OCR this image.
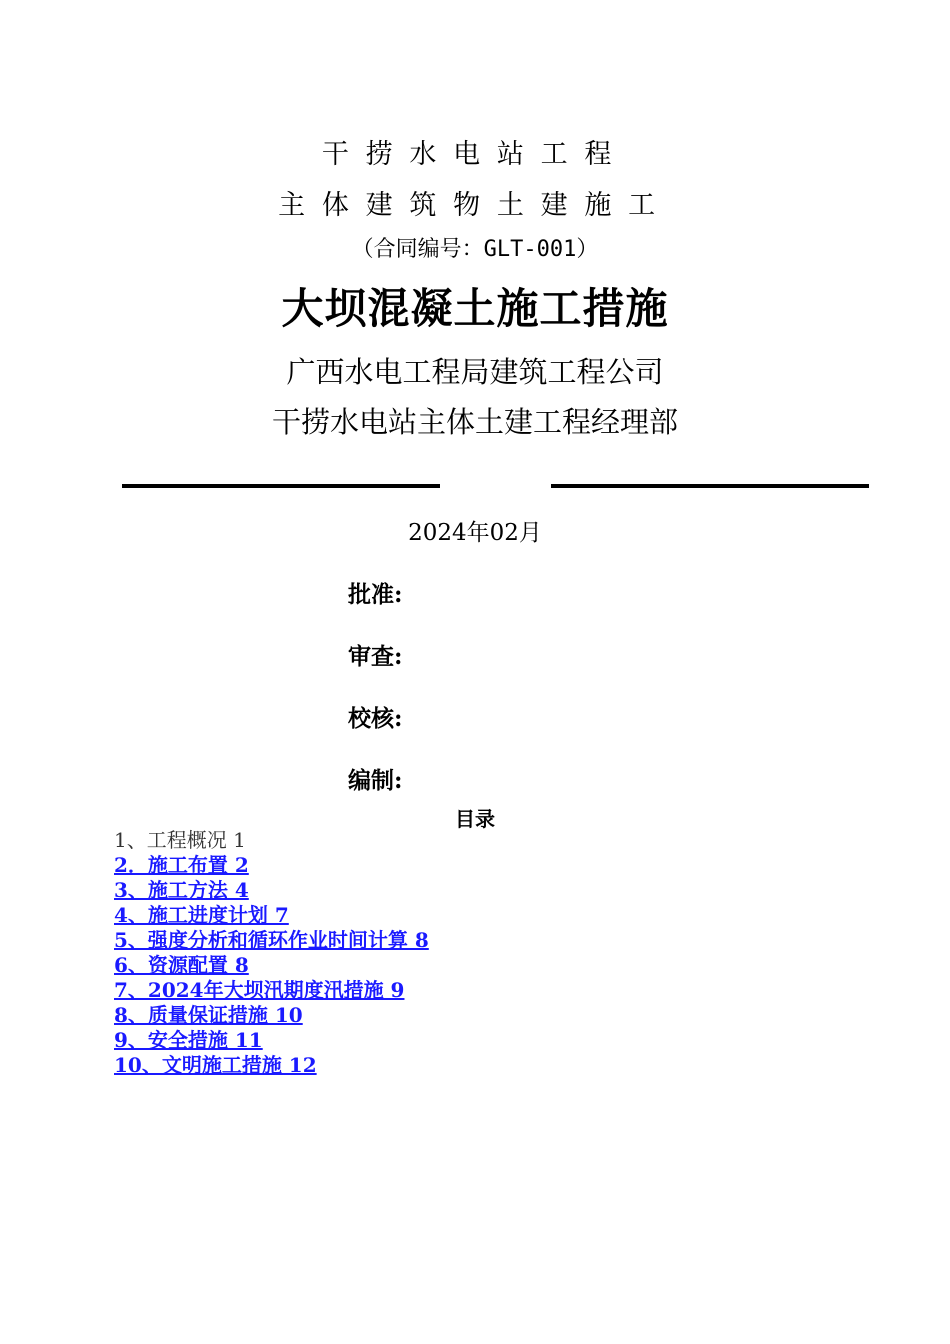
干捞水电站工程
主体建筑物土建施工
（合同编号：GLT-001）
大坝混凝土施工措施
广西水电工程局建筑工程公司
干捞水电站主体土建工程经理部
2024年02月
批准:
审查:
校核:
编制:
目录
1、工程概况 1
2．施工布置 2
3、施工方法 4
4、施工进度计划 7
5、强度分析和循环作业时间计算 8
6、资源配置 8
7、2024年大坝汛期度汛措施 9
8、质量保证措施 10
9、安全措施 11
10、文明施工措施 12
